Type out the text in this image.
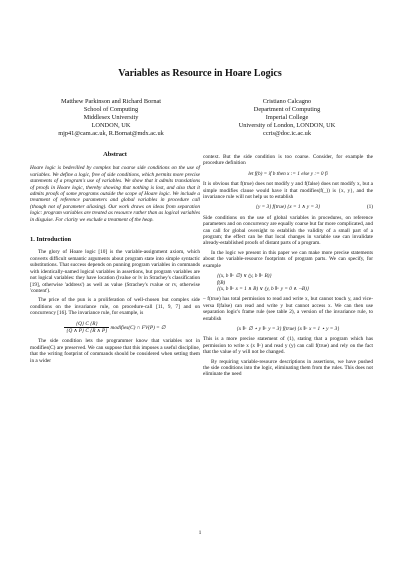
Variables as Resource in Hoare Logics
Matthew Parkinson and Richard Bornat
School of Computing
Middlesex University
LONDON, UK
mjp41@cam.ac.uk, R.Bornat@mdx.ac.uk
Cristiano Calcagno
Department of Computing
Imperial College
University of London, LONDON, UK
ccris@doc.ic.ac.uk
Abstract

Hoare logic is bedevilled by complex but coarse side conditions on the use of variables. We define a logic, free of side conditions, which permits more precise statements of a program's use of variables. We show that it admits translations of proofs in Hoare logic, thereby showing that nothing is lost, and also that it admits proofs of some programs outside the scope of Hoare logic. We include a treatment of reference parameters and global variables in procedure call (though not of parameter aliasing). Our work draws on ideas from separation logic: program variables are treated as resource rather than as logical variables in disguise. For clarity we exclude a treatment of the heap.

1. Introduction

The glory of Hoare logic [10] is the variable-assignment axiom, which converts difficult semantic arguments about program state into simple syntactic substitutions. That success depends on punning program variables in commands with identically-named logical variables in assertions, but program variables are not logical variables: they have location (lvalue or lv in Strachey's classification [19], otherwise 'address') as well as value (Strachey's rvalue or rv, otherwise 'content').

The price of the pun is a proliferation of well-chosen but complex side conditions on the invariance rule, on procedure-call [11, 9, 7] and on concurrency [16]. The invariance rule, for example, is

$\frac{\{Q\} C \{R\}}{\{Q \wedge P\} C \{R \wedge P\}}$ modifies(C) ∩ FV(P) = ∅

The side condition lets the programmer know that variables not in modifies(C) are preserved. We can suppose that this imposes a useful discipline, that the writing footprint of commands should be considered when setting them in a wider

context. But the side condition is too coarse. Consider, for example the procedure definition

let f(b) = if b then x := 1 else y := 0 fi

It is obvious that f(true) does not modify y and f(false) does not modify x, but a simple modifies clause would have it that modifies(f(_)) is {x, y}, and the invariance rule will not help us to establish

{y = 3} f(true) {x = 1 ∧ y = 3}	(1)

Side conditions on the use of global variables in procedures, on reference parameters and on concurrency are equally coarse but far more complicated, and can call for global oversight to establish the validity of a small part of a program; the effect can be that local changes in variable use can invalidate already-established proofs of distant parts of a program.

In the logic we present in this paper we can make more precise statements about the variable-resource footprints of program parts. We can specify, for example

{(x, b ⊩ ∅) ∨ (y, b ⊩ B)}
f(B)
{(x, b ⊩ x = 1 ∧ B) ∨ (y, b ⊩ y = 0 ∧ ¬B)}

– f(true) has total permission to read and write x, but cannot touch y, and vice-versa f(false) can read and write y but cannot access x. We can then use separation logic's frame rule (see table 2), a version of the invariance rule, to establish

{x ⊩ ∅ ⋆ y ⊩ y = 3} f(true) {x ⊩ x = 1 ⋆ y = 3}

This is a more precise statement of (1), stating that a program which has permission to write x (x ⊩) and read y (y) can call f(true) and rely on the fact that the value of y will not be changed.

By requiring variable-resource descriptions in assertions, we have pushed the side conditions into the logic, eliminating them from the rules. This does not eliminate the need

1
